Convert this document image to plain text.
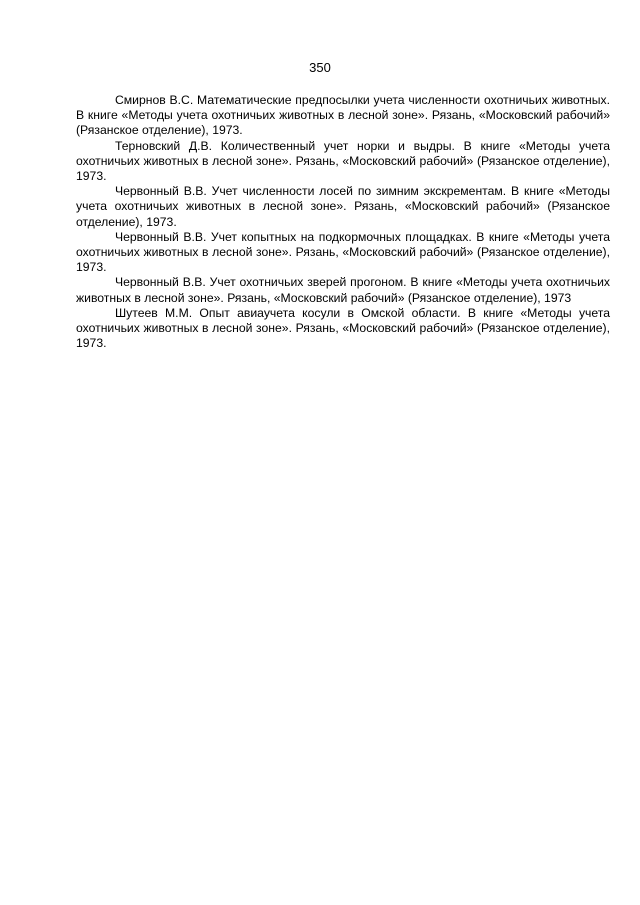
350

Смирнов В.С. Математические предпосылки учета численности охотничьих животных. В книге «Методы учета охотничьих животных в лесной зоне». Рязань, «Московский рабочий» (Рязанское отделение), 1973.

Терновский Д.В. Количественный учет норки и выдры. В книге «Методы учета охотничьих животных в лесной зоне». Рязань, «Московский рабочий» (Рязанское отделение), 1973.

Червонный В.В. Учет численности лосей по зимним экскрементам. В книге «Методы учета охотничьих животных в лесной зоне». Рязань, «Московский рабочий» (Рязанское отделение), 1973.

Червонный В.В. Учет копытных на подкормочных площадках. В книге «Методы учета охотничьих животных в лесной зоне». Рязань, «Московский рабочий» (Рязанское отделение), 1973.

Червонный В.В. Учет охотничьих зверей прогоном. В книге «Методы учета охотничьих животных в лесной зоне». Рязань, «Московский рабочий» (Рязанское отделение), 1973

Шутеев М.М. Опыт авиаучета косули в Омской области. В книге «Методы учета охотничьих животных в лесной зоне». Рязань, «Московский рабочий» (Рязанское отделение), 1973.
